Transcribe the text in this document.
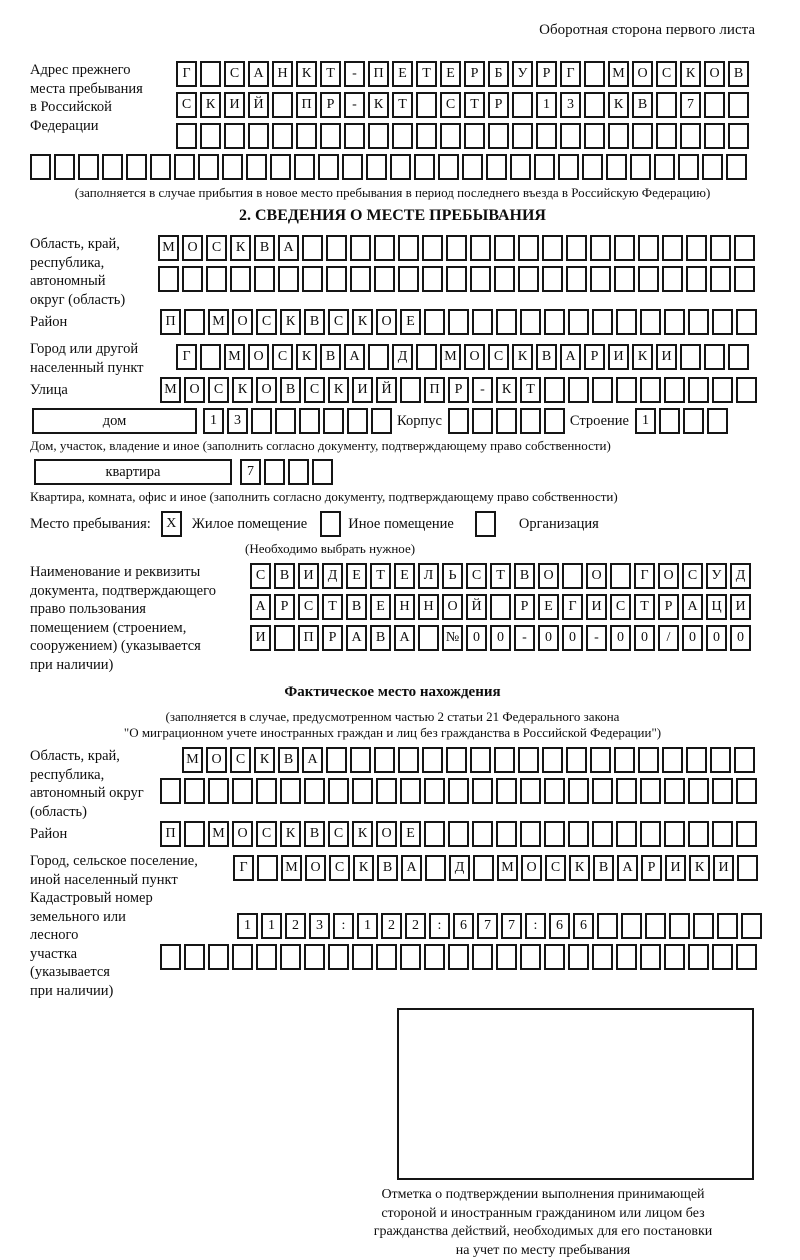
Оборотная сторона первого листа
Адрес прежнего
места пребывания
в Российской
Федерации
Г	С	А Н	К	Т	-	П	Е	Т	Е	Р	Б	У	Р	Г	М О	С	К	О	В
С	К	И Й	П	Р	-	К	Т	С	Т	Р	1	3	К	В	7
(заполняется в случае прибытия в новое место пребывания в период последнего въезда в Российскую Федерацию)
2. СВЕДЕНИЯ О МЕСТЕ ПРЕБЫВАНИЯ
Область, край,
республика,
автономный
округ (область)
М О	С	К	В	А
Район	П	М О	С	К	В	С	К	О	Е
Город или другой
населенный пункт
Г	М О	С	К	В	А	Д	М О	С	К	В	А	Р	И	К	И
Улица	М О	С	К	О	В	С	К	И Й	П	Р	-	К	Т
дом	1	3	Корпус	Строение 1
Дом, участок, владение и иное (заполнить согласно документу, подтверждающему право собственности)
квартира	7
Квартира, комната, офис и иное (заполнить согласно документу, подтверждающему право собственности)
Место пребывания:	X	Жилое помещение	Иное помещение	Организация
(Необходимо выбрать нужное)
Наименование и реквизиты
документа, подтверждающего
право пользования
помещением (строением,
сооружением) (указывается
при наличии)
С	В	И	Д	Е	Т	Е	Л	Ь	С	Т	В	О	О	Г	О	С	У	Д
А	Р	С	Т	В	Е	Н Н О Й	Р	Е	Г	И	С	Т	Р	А Ц И
И	П	Р	А	В	А	№ 0	0	-	0	0	-	0	0	/	0	0	0
Фактическое место нахождения
(заполняется в случае, предусмотренном частью 2 статьи 21 Федерального закона
"О миграционном учете иностранных граждан и лиц без гражданства в Российской Федерации")
Область, край,
республика,
автономный округ
(область)
М О	С	К	В	А
Район	П	М О	С	К	В	С	К	О	Е
Город, сельское поселение,
иной населенный пункт
Г	М О	С	К	В	А	Д	М О	С	К	В	А	Р	И	К	И
Кадастровый номер
земельного или лесного
участка (указывается
при наличии)
1	1	2	3	:	1	2	2	:	6	7	7	:	6	6
Отметка о подтверждении выполнения принимающей
стороной и иностранным гражданином или лицом без
гражданства действий, необходимых для его постановки
на учет по месту пребывания
